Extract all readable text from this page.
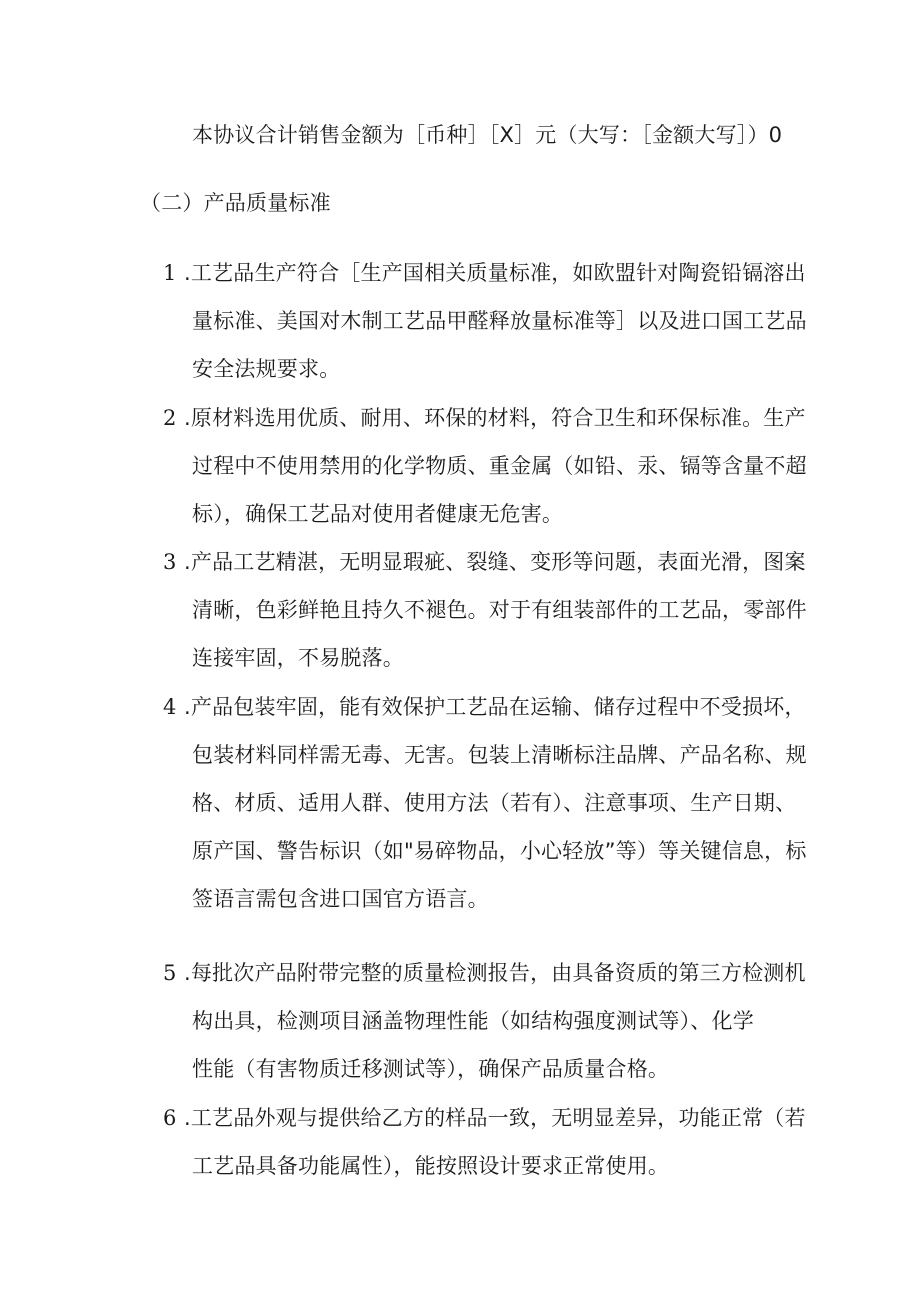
本协议合计销售金额为［币种］［X］元（大写：［金额大写］）0
（二）产品质量标准
1 .工艺品生产符合［生产国相关质量标准，如欧盟针对陶瓷铅镉溶出
量标准、美国对木制工艺品甲醛释放量标准等］以及进口国工艺品
安全法规要求。
2 .原材料选用优质、耐用、环保的材料，符合卫生和环保标准。生产
过程中不使用禁用的化学物质、重金属（如铅、汞、镉等含量不超
标），确保工艺品对使用者健康无危害。
3 .产品工艺精湛，无明显瑕疵、裂缝、变形等问题，表面光滑，图案
清晰，色彩鲜艳且持久不褪色。对于有组装部件的工艺品，零部件
连接牢固，不易脱落。
4 .产品包装牢固，能有效保护工艺品在运输、储存过程中不受损坏，
包装材料同样需无毒、无害。包装上清晰标注品牌、产品名称、规
格、材质、适用人群、使用方法（若有）、注意事项、生产日期、
原产国、警告标识（如"易碎物品，小心轻放”等）等关键信息，标
签语言需包含进口国官方语言。
5 .每批次产品附带完整的质量检测报告，由具备资质的第三方检测机
构出具，检测项目涵盖物理性能（如结构强度测试等）、化学
性能（有害物质迁移测试等），确保产品质量合格。
6 .工艺品外观与提供给乙方的样品一致，无明显差异，功能正常（若
工艺品具备功能属性），能按照设计要求正常使用。
